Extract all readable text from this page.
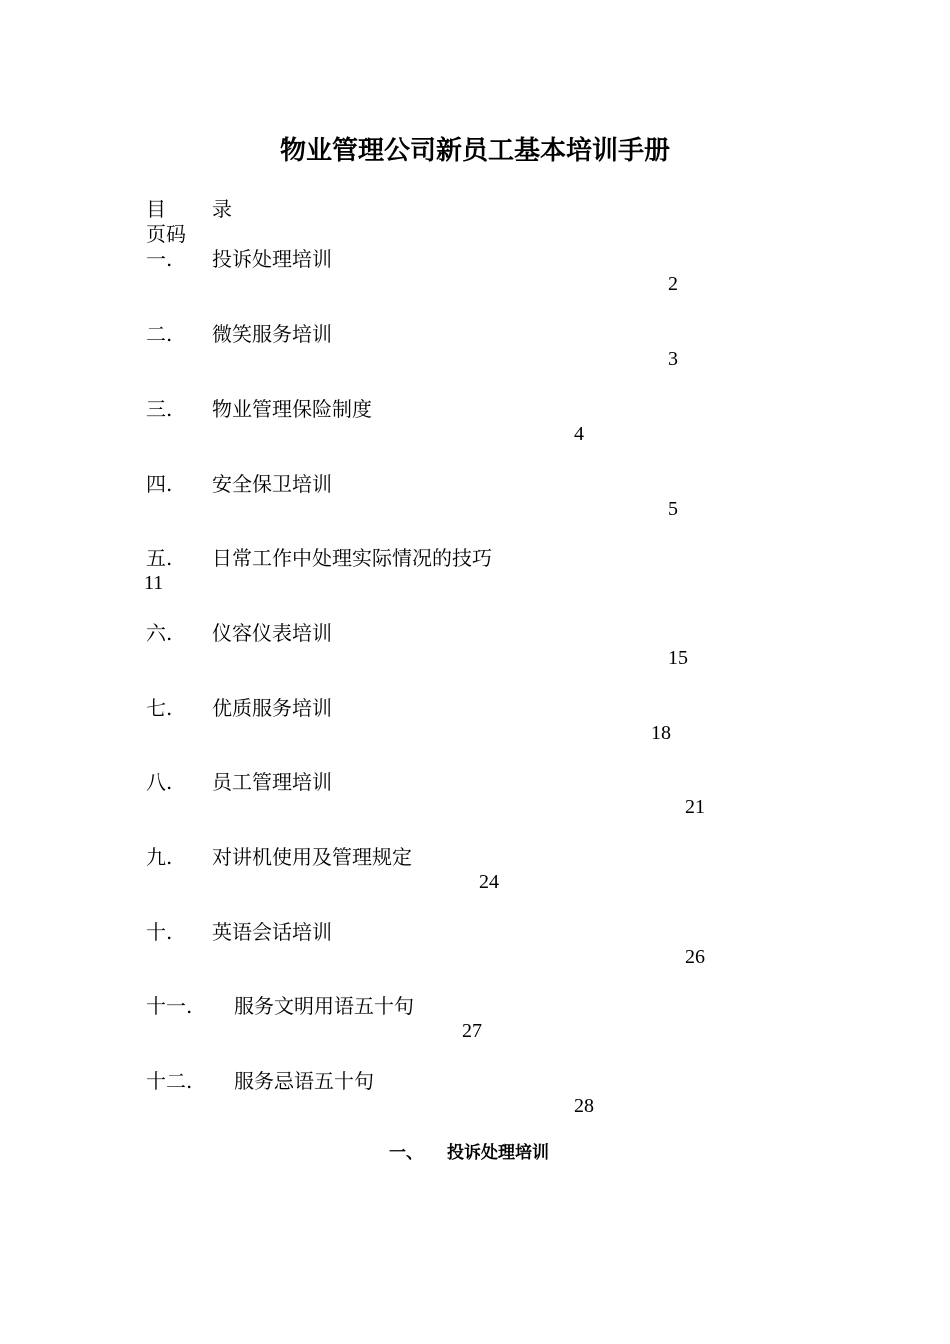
物业管理公司新员工基本培训手册
目 录
页码
一. 投诉处理培训
2
二. 微笑服务培训
3
三. 物业管理保险制度
4
四. 安全保卫培训
5
五. 日常工作中处理实际情况的技巧
11
六. 仪容仪表培训
15
七. 优质服务培训
18
八. 员工管理培训
21
九. 对讲机使用及管理规定
24
十. 英语会话培训
26
十一. 服务文明用语五十句
27
十二. 服务忌语五十句
28
一、 投诉处理培训
